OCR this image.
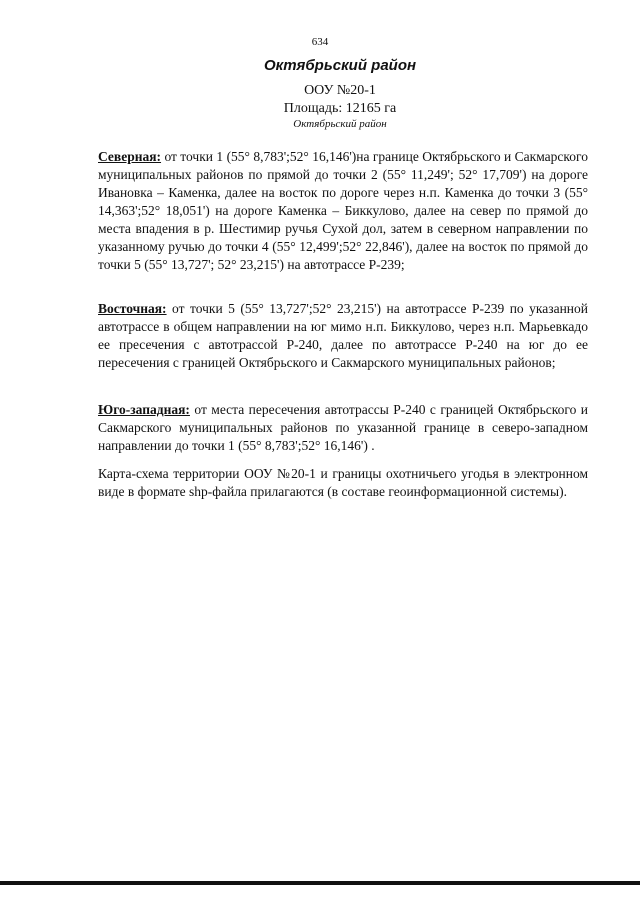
634
Октябрьский район
ООУ №20-1
Площадь: 12165 га
Октябрьский район
Северная: от точки 1 (55° 8,783';52° 16,146')на границе Октябрьского и Сакмарского муниципальных районов по прямой до точки 2 (55° 11,249'; 52° 17,709') на дороге Ивановка – Каменка, далее на восток по дороге через н.п. Каменка до точки 3 (55° 14,363';52° 18,051') на дороге Каменка – Биккулово, далее на север по прямой до места впадения в р. Шестимир ручья Сухой дол, затем в северном направлении по указанному ручью до точки 4 (55° 12,499';52° 22,846'), далее на восток по прямой до точки 5 (55° 13,727'; 52° 23,215') на автотрассе Р-239;
Восточная: от точки 5 (55° 13,727';52° 23,215') на автотрассе Р-239 по указанной автотрассе в общем направлении на юг мимо н.п. Биккулово, через н.п. Марьевкадо ее пресечения с автотрассой Р-240, далее по автотрассе Р-240 на юг до ее пересечения с границей Октябрьского и Сакмарского муниципальных районов;
Юго-западная: от места пересечения автотрассы Р-240 с границей Октябрьского и Сакмарского муниципальных районов по указанной границе в северо-западном направлении до точки 1 (55° 8,783';52° 16,146') .
Карта-схема территории ООУ №20-1 и границы охотничьего угодья в электронном виде в формате shp-файла прилагаются (в составе геоинформационной системы).
